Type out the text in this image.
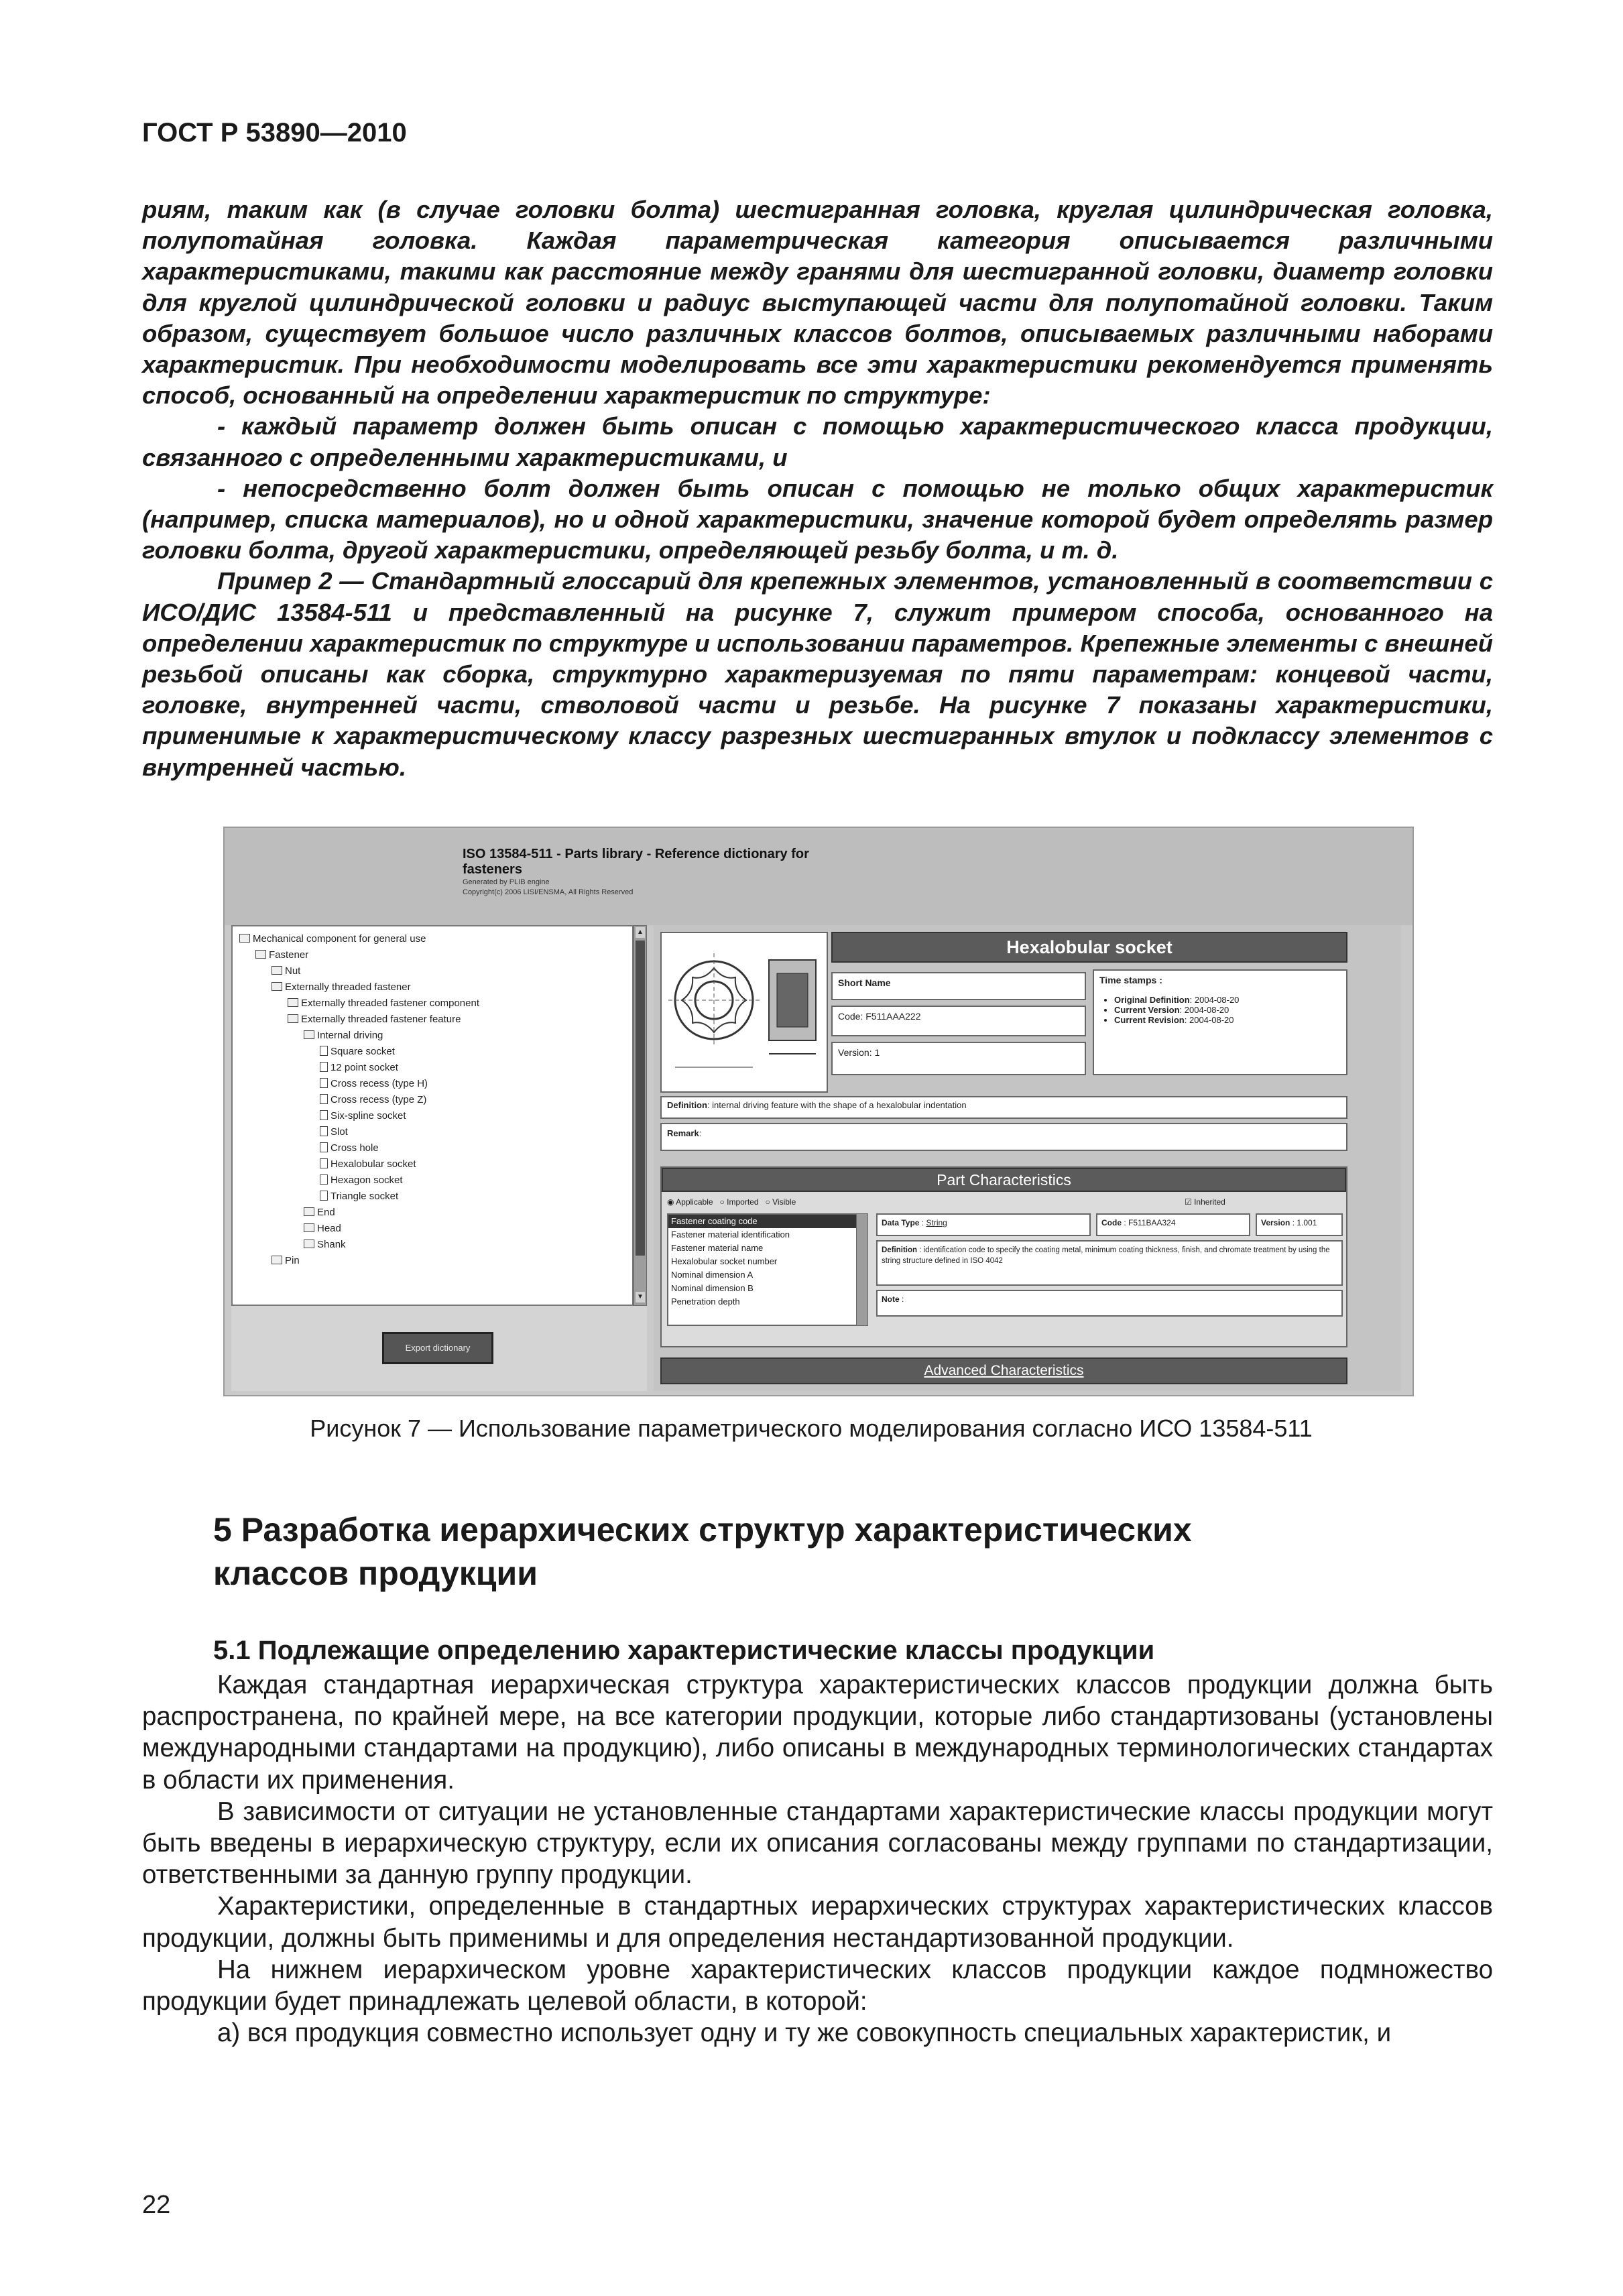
ГОСТ Р 53890—2010

риям, таким как (в случае головки болта) шестигранная головка, круглая цилиндрическая головка, полупотайная головка. Каждая параметрическая категория описывается различными характеристиками, такими как расстояние между гранями для шестигранной головки, диаметр головки для круглой цилиндрической головки и радиус выступающей части для полупотайной головки. Таким образом, существует большое число различных классов болтов, описываемых различными наборами характеристик. При необходимости моделировать все эти характеристики рекомендуется применять способ, основанный на определении характеристик по структуре:

- каждый параметр должен быть описан с помощью характеристического класса продукции, связанного с определенными характеристиками, и

- непосредственно болт должен быть описан с помощью не только общих характеристик (например, списка материалов), но и одной характеристики, значение которой будет определять размер головки болта, другой характеристики, определяющей резьбу болта, и т. д.

Пример 2 — Стандартный глоссарий для крепежных элементов, установленный в соответствии с ИСО/ДИС 13584-511 и представленный на рисунке 7, служит примером способа, основанного на определении характеристик по структуре и использовании параметров. Крепежные элементы с внешней резьбой описаны как сборка, структурно характеризуемая по пяти параметрам: концевой части, головке, внутренней части, стволовой части и резьбе. На рисунке 7 показаны характеристики, применимые к характеристическому классу разрезных шестигранных втулок и подклассу элементов с внутренней частью.

ISO 13584-511 - Parts library - Reference dictionary for fasteners
Generated by PLIB engine
Copyright(c) 2006 LISI/ENSMA, All Rights Reserved
Mechanical component for general use
Fastener
Nut
Externally threaded fastener
Externally threaded fastener component
Externally threaded fastener feature
Internal driving
Square socket
12 point socket
Cross recess (type H)
Cross recess (type Z)
Six-spline socket
Slot
Cross hole
Hexalobular socket
Hexagon socket
Triangle socket
End
Head
Shank
Pin
▲
▼
Export dictionary
Hexalobular socket
Short Name
Code: F511AAA222
Version: 1
Time stamps :
• Original Definition: 2004-08-20
• Current Version: 2004-08-20
• Current Revision: 2004-08-20
Definition: internal driving feature with the shape of a hexalobular indentation
Remark:
Part Characteristics
◉ Applicable ○ Imported ○ Visible	☑ Inherited
Fastener coating code
Fastener material identification
Fastener material name
Hexalobular socket number
Nominal dimension A
Nominal dimension B
Penetration depth
Data Type : String	Code : F511BAA324	Version : 1.001
Definition : identification code to specify the coating metal, minimum coating thickness, finish, and chromate treatment by using the string structure defined in ISO 4042
Note :
Advanced Characteristics
Рисунок 7 — Использование параметрического моделирования согласно ИСО 13584-511
5 Разработка иерархических структур характеристических
классов продукции
5.1 Подлежащие определению характеристические классы продукции

Каждая стандартная иерархическая структура характеристических классов продукции должна быть распространена, по крайней мере, на все категории продукции, которые либо стандартизованы (установлены международными стандартами на продукцию), либо описаны в международных терминологических стандартах в области их применения.

В зависимости от ситуации не установленные стандартами характеристические классы продукции могут быть введены в иерархическую структуру, если их описания согласованы между группами по стандартизации, ответственными за данную группу продукции.

Характеристики, определенные в стандартных иерархических структурах характеристических классов продукции, должны быть применимы и для определения нестандартизованной продукции.

На нижнем иерархическом уровне характеристических классов продукции каждое подмножество продукции будет принадлежать целевой области, в которой:

а) вся продукция совместно использует одну и ту же совокупность специальных характеристик, и

22
